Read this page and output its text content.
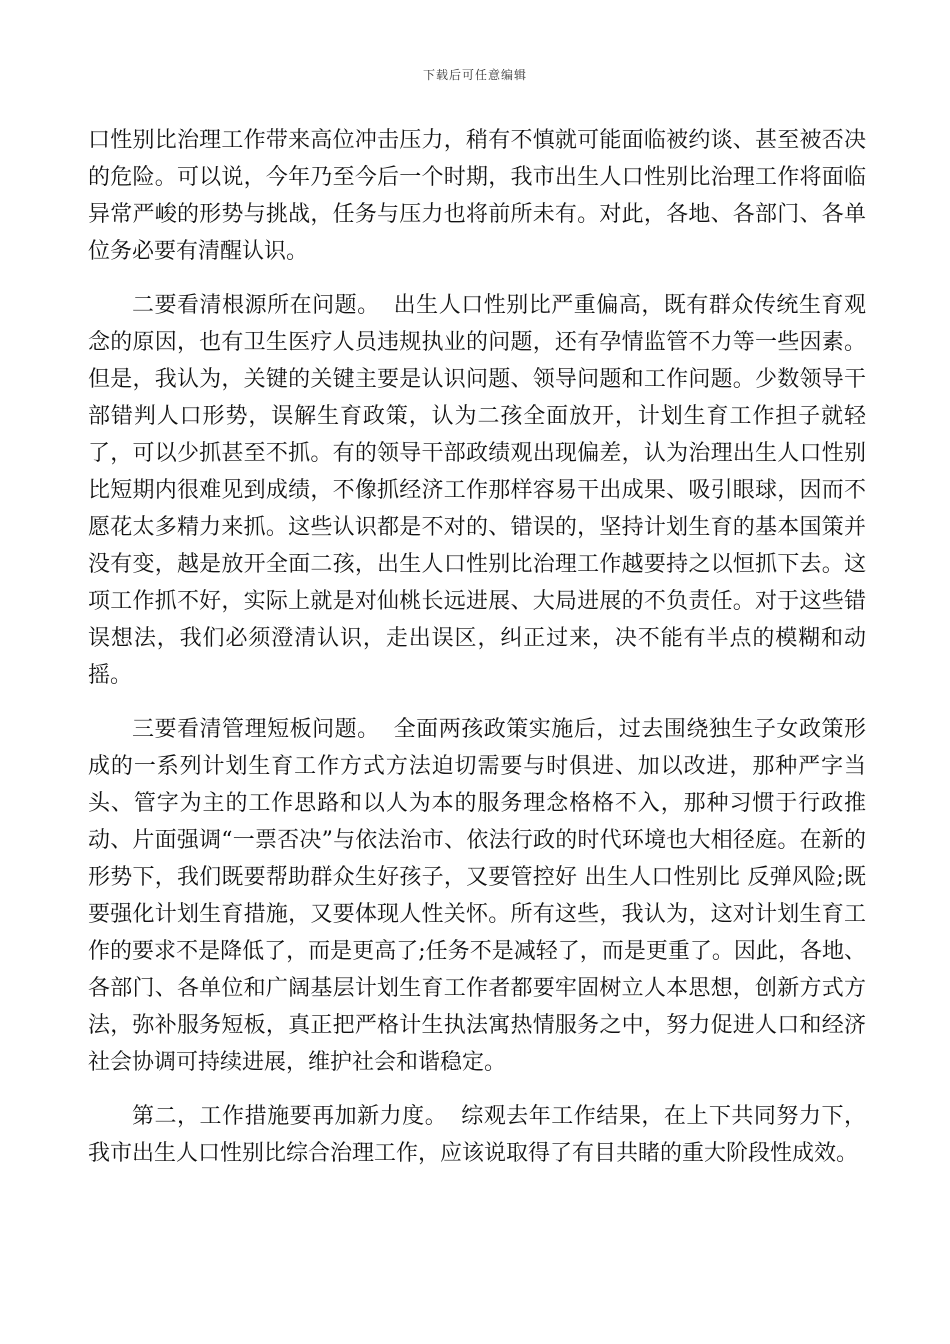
下载后可任意编辑

口性别比治理工作带来高位冲击压力，稍有不慎就可能面临被约谈、甚至被否决的危险。可以说，今年乃至今后一个时期，我市出生人口性别比治理工作将面临异常严峻的形势与挑战，任务与压力也将前所未有。对此，各地、各部门、各单位务必要有清醒认识。

二要看清根源所在问题。 出生人口性别比严重偏高，既有群众传统生育观念的原因，也有卫生医疗人员违规执业的问题，还有孕情监管不力等一些因素。但是，我认为，关键的关键主要是认识问题、领导问题和工作问题。少数领导干部错判人口形势，误解生育政策，认为二孩全面放开，计划生育工作担子就轻了，可以少抓甚至不抓。有的领导干部政绩观出现偏差，认为治理出生人口性别比短期内很难见到成绩，不像抓经济工作那样容易干出成果、吸引眼球，因而不愿花太多精力来抓。这些认识都是不对的、错误的，坚持计划生育的基本国策并没有变，越是放开全面二孩，出生人口性别比治理工作越要持之以恒抓下去。这项工作抓不好，实际上就是对仙桃长远进展、大局进展的不负责任。对于这些错误想法，我们必须澄清认识，走出误区，纠正过来，决不能有半点的模糊和动摇。

三要看清管理短板问题。 全面两孩政策实施后，过去围绕独生子女政策形成的一系列计划生育工作方式方法迫切需要与时俱进、加以改进，那种严字当头、管字为主的工作思路和以人为本的服务理念格格不入，那种习惯于行政推动、片面强调“一票否决”与依法治市、依法行政的时代环境也大相径庭。在新的形势下，我们既要帮助群众生好孩子，又要管控好 出生人口性别比 反弹风险;既要强化计划生育措施，又要体现人性关怀。所有这些，我认为，这对计划生育工作的要求不是降低了，而是更高了;任务不是减轻了，而是更重了。因此，各地、各部门、各单位和广阔基层计划生育工作者都要牢固树立人本思想，创新方式方法，弥补服务短板，真正把严格计生执法寓热情服务之中，努力促进人口和经济社会协调可持续进展，维护社会和谐稳定。

第二，工作措施要再加新力度。 综观去年工作结果，在上下共同努力下，我市出生人口性别比综合治理工作，应该说取得了有目共睹的重大阶段性成效。
